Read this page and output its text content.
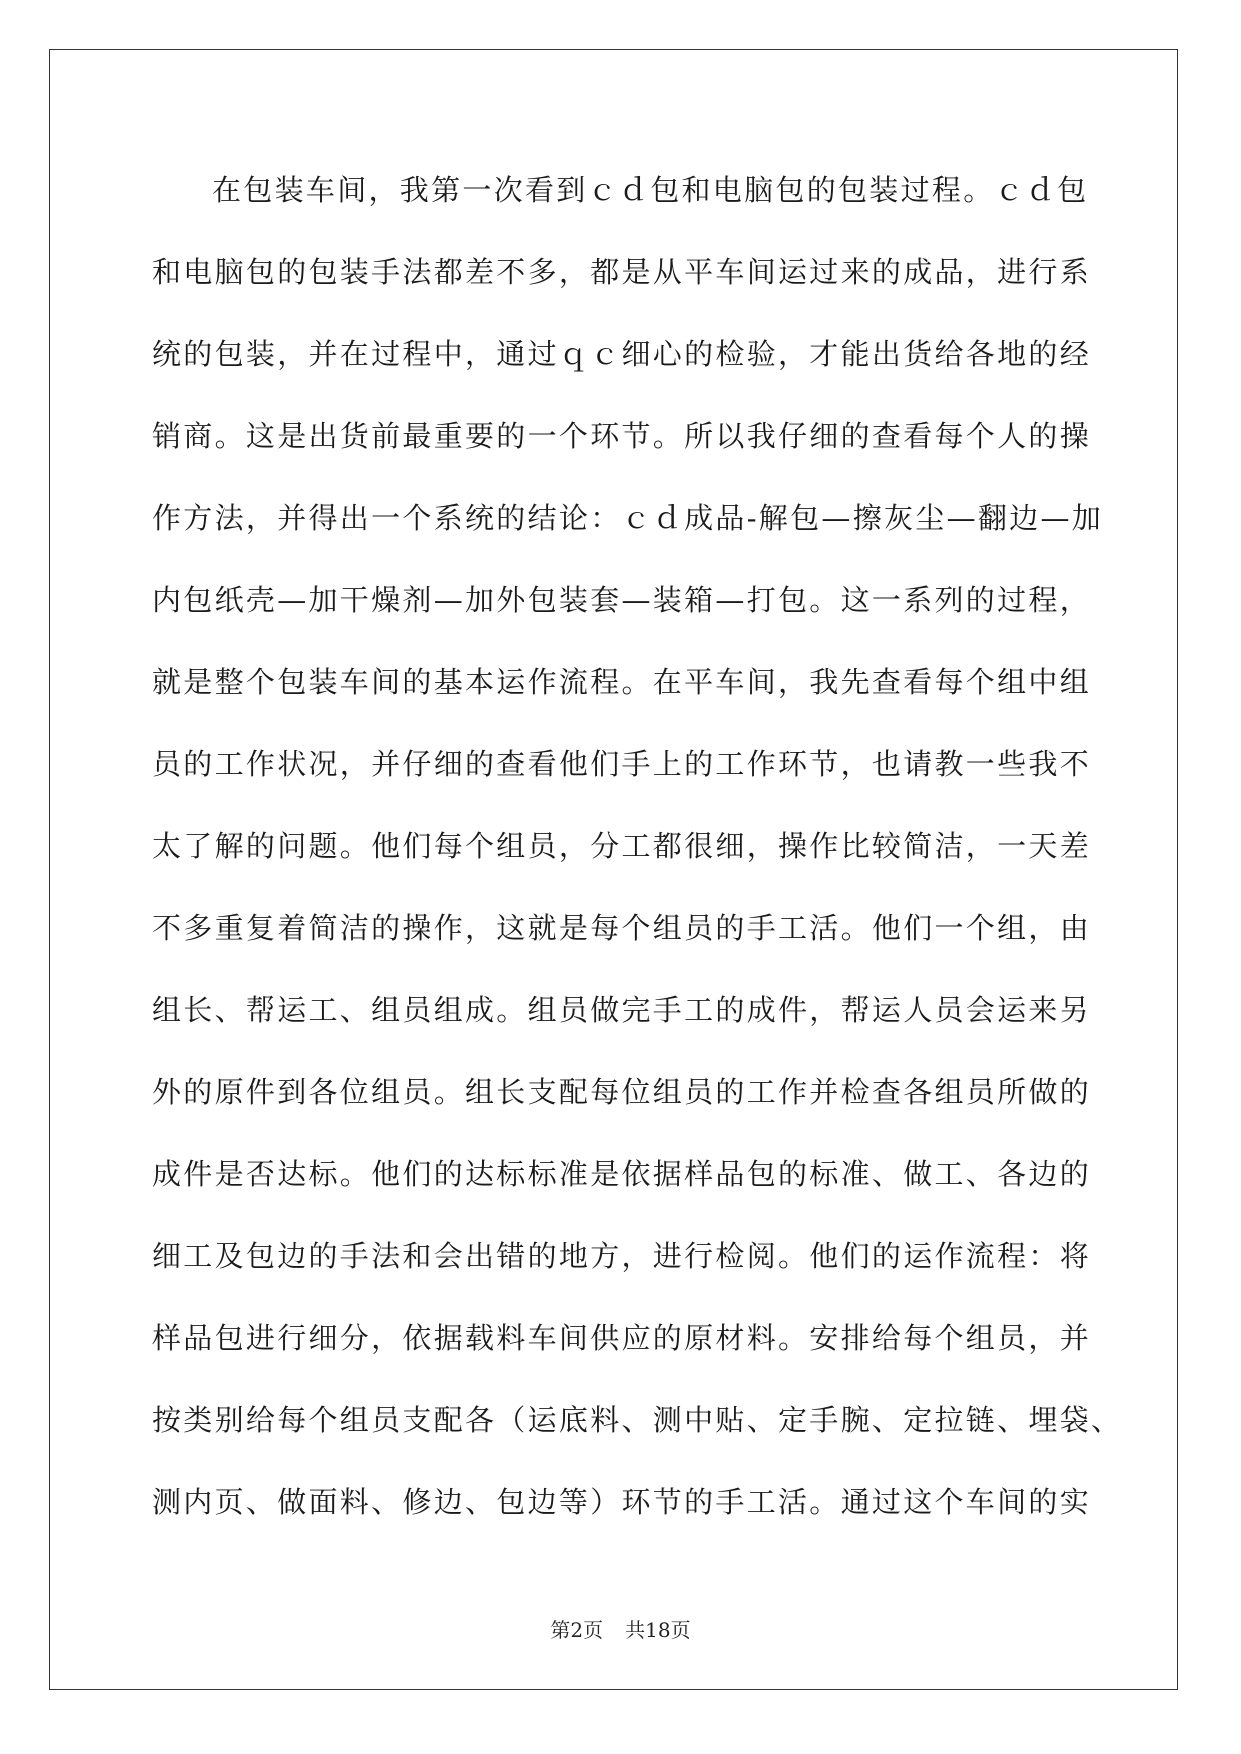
在包装车间，我第一次看到ｃｄ包和电脑包的包装过程。ｃｄ包
和电脑包的包装手法都差不多，都是从平车间运过来的成品，进行系
统的包装，并在过程中，通过ｑｃ细心的检验，才能出货给各地的经
销商。这是出货前最重要的一个环节。所以我仔细的查看每个人的操
作方法，并得出一个系统的结论：ｃｄ成品-解包—擦灰尘—翻边—加
内包纸壳—加干燥剂—加外包装套—装箱—打包。这一系列的过程，
就是整个包装车间的基本运作流程。在平车间，我先查看每个组中组
员的工作状况，并仔细的查看他们手上的工作环节，也请教一些我不
太了解的问题。他们每个组员，分工都很细，操作比较简洁，一天差
不多重复着简洁的操作，这就是每个组员的手工活。他们一个组，由
组长、帮运工、组员组成。组员做完手工的成件，帮运人员会运来另
外的原件到各位组员。组长支配每位组员的工作并检查各组员所做的
成件是否达标。他们的达标标准是依据样品包的标准、做工、各边的
细工及包边的手法和会出错的地方，进行检阅。他们的运作流程：将
样品包进行细分，依据载料车间供应的原材料。安排给每个组员，并
按类别给每个组员支配各（运底料、测中贴、定手腕、定拉链、埋袋、
测内页、做面料、修边、包边等）环节的手工活。通过这个车间的实
第2页 共18页
